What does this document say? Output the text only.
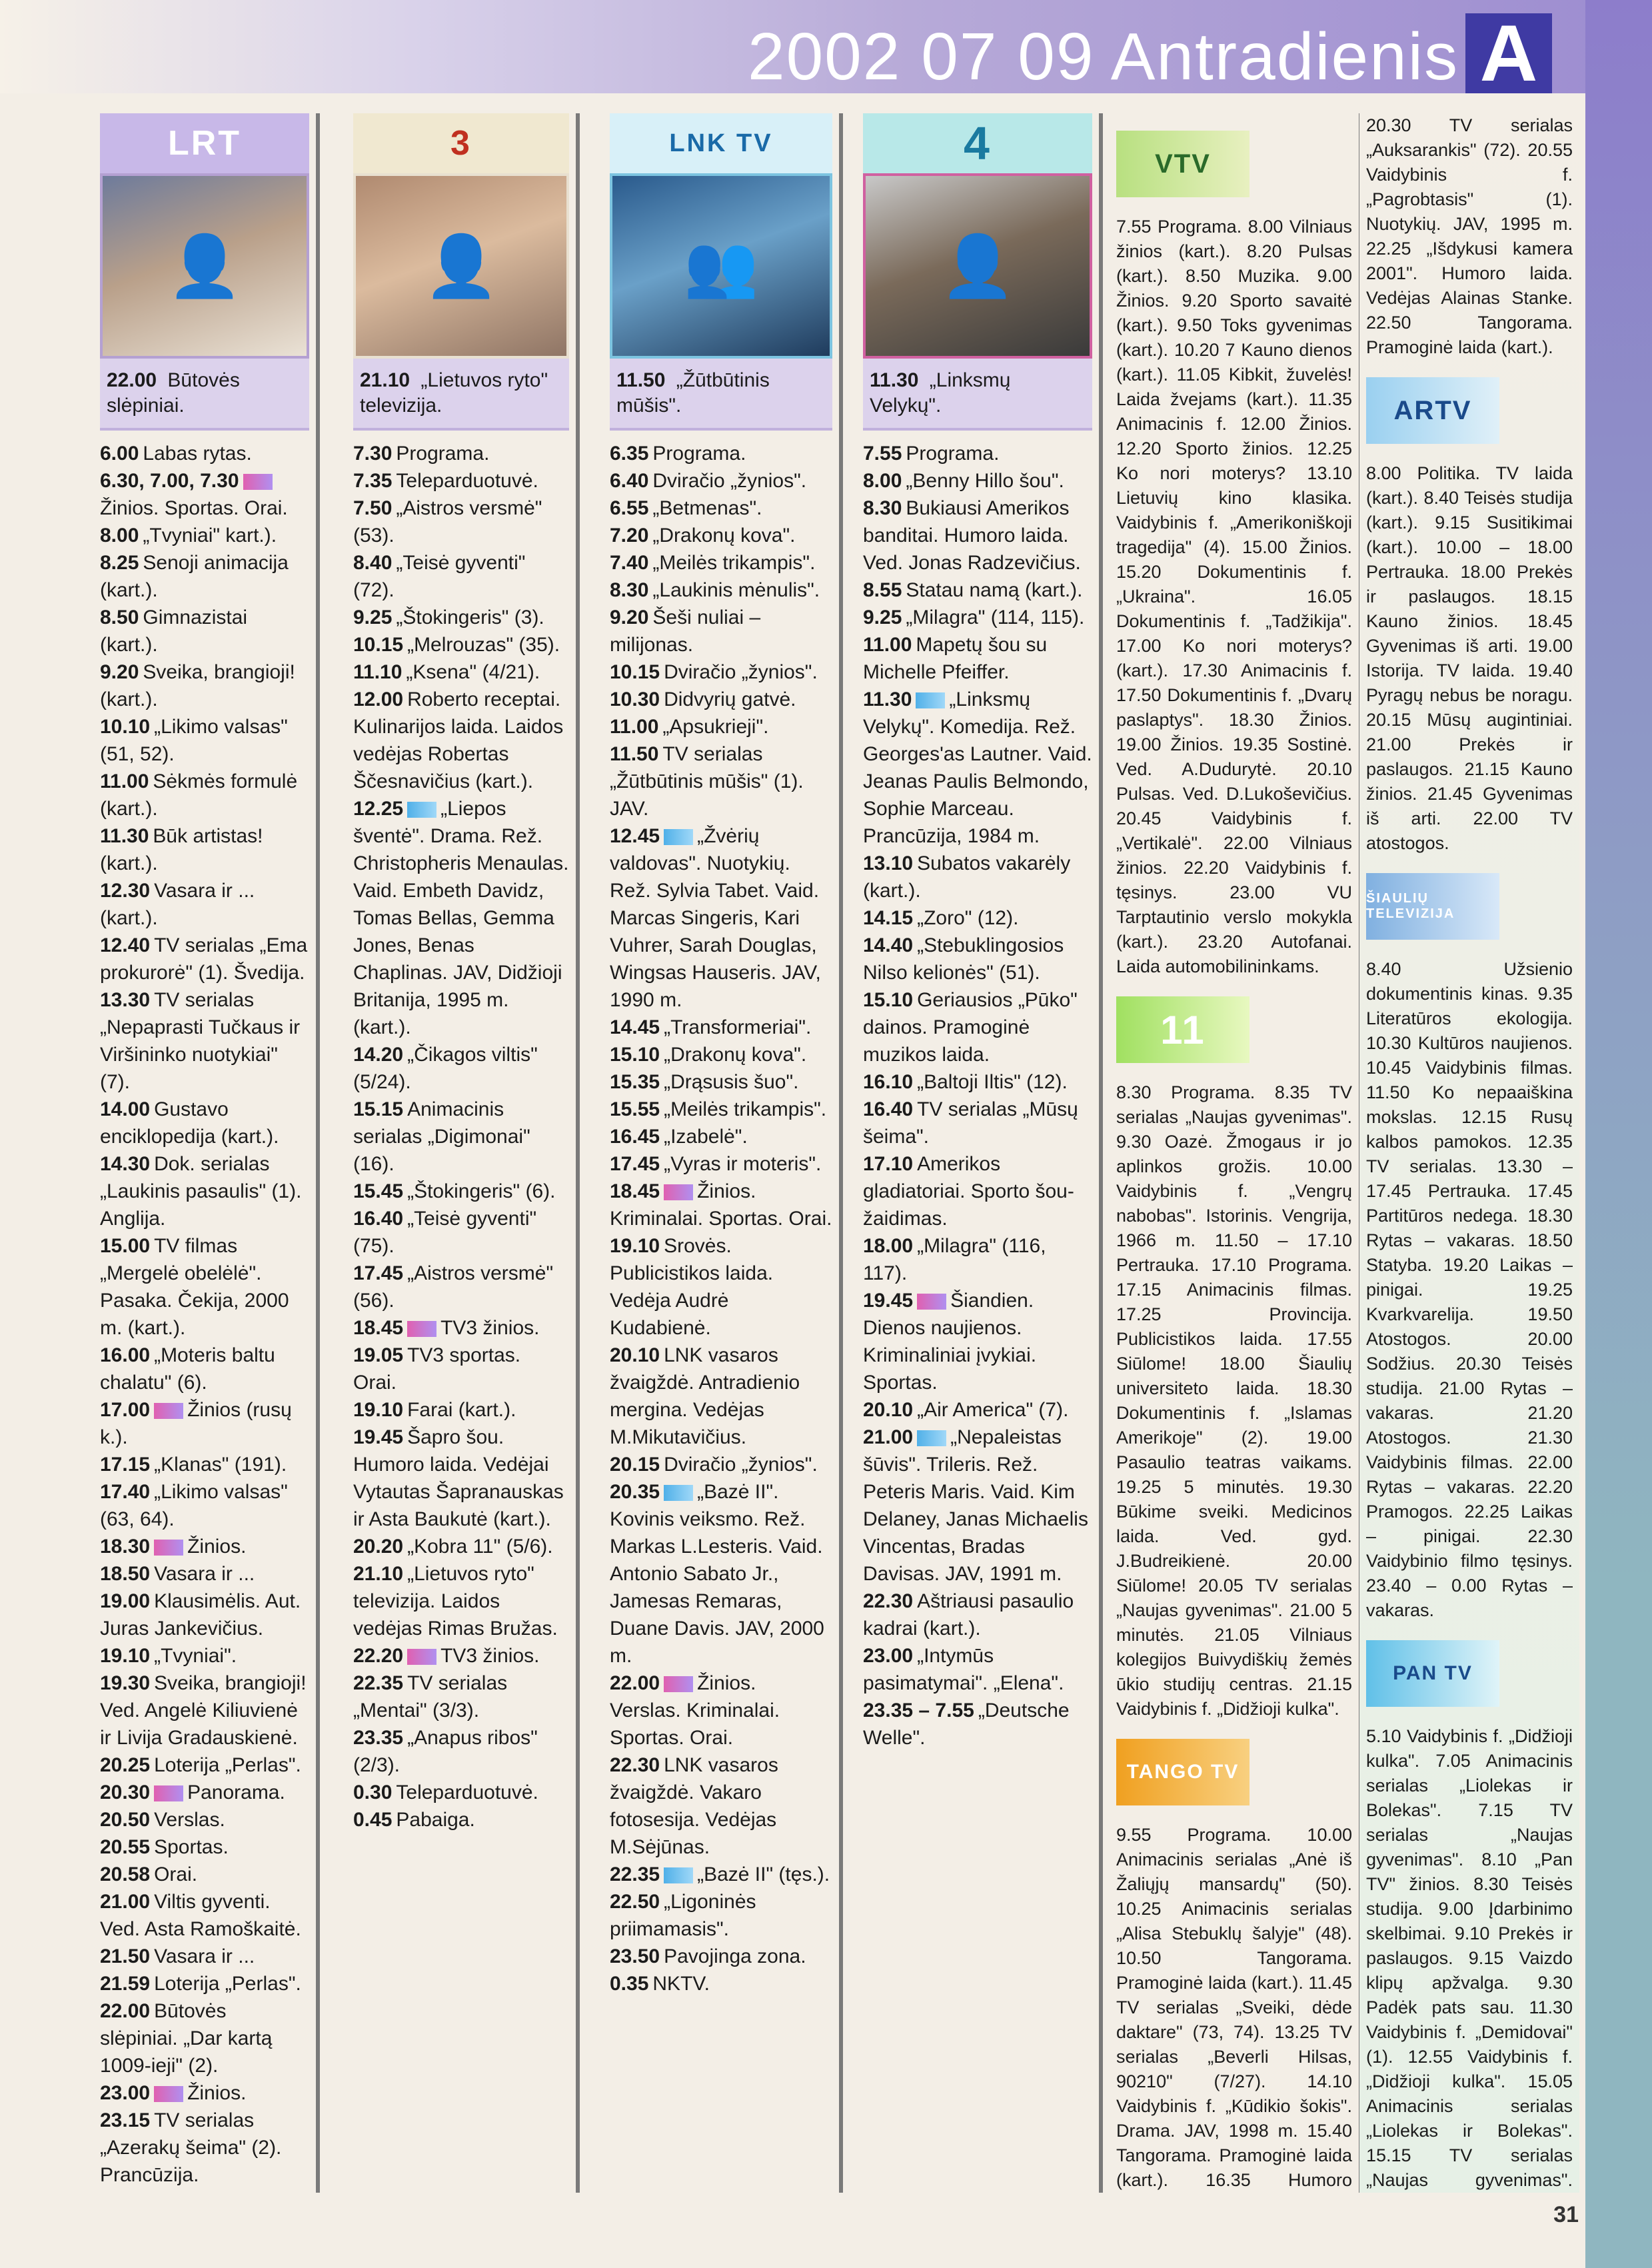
2002 07 09 Antradienis A
LRT
👤
22.00 Būtovės slėpiniai.
6.00 Labas rytas.
6.30, 7.00, 7.30Žinios. Sportas. Orai.
8.00 „Tvyniai" kart.).
8.25 Senoji animacija (kart.).
8.50 Gimnazistai (kart.).
9.20 Sveika, brangioji! (kart.).
10.10 „Likimo valsas" (51, 52).
11.00 Sėkmės formulė (kart.).
11.30 Būk artistas! (kart.).
12.30 Vasara ir ... (kart.).
12.40 TV serialas „Ema prokurorė" (1). Švedija.
13.30 TV serialas „Nepaprasti Tučkaus ir Viršininko nuotykiai" (7).
14.00 Gustavo enciklopedija (kart.).
14.30 Dok. serialas „Laukinis pasaulis" (1). Anglija.
15.00 TV filmas „Mergelė obelėlė". Pasaka. Čekija, 2000 m. (kart.).
16.00 „Moteris baltu chalatu" (6).
17.00 Žinios (rusų k.).
17.15 „Klanas" (191).
17.40 „Likimo valsas" (63, 64).
18.30 Žinios.
18.50 Vasara ir ...
19.00 Klausimėlis. Aut. Juras Jankevičius.
19.10 „Tvyniai".
19.30 Sveika, brangioji! Ved. Angelė Kiliuvienė ir Livija Gradauskienė.
20.25 Loterija „Perlas".
20.30 Panorama.
20.50 Verslas.
20.55 Sportas.
20.58 Orai.
21.00 Viltis gyventi. Ved. Asta Ramoškaitė.
21.50 Vasara ir ...
21.59 Loterija „Perlas".
22.00 Būtovės slėpiniai. „Dar kartą 1009-ieji" (2).
23.00 Žinios.
23.15 TV serialas „Azerakų šeima" (2). Prancūzija.
3
👤
21.10 „Lietuvos ryto" televizija.
7.30 Programa.
7.35 Teleparduotuvė.
7.50 „Aistros versmė" (53).
8.40 „Teisė gyventi" (72).
9.25 „Štokingeris" (3).
10.15 „Melrouzas" (35).
11.10 „Ksena" (4/21).
12.00 Roberto receptai. Kulinarijos laida. Laidos vedėjas Robertas Ščesnavičius (kart.).
12.25 „Liepos šventė". Drama. Rež. Christopheris Menaulas. Vaid. Embeth Davidz, Tomas Bellas, Gemma Jones, Benas Chaplinas. JAV, Didžioji Britanija, 1995 m. (kart.).
14.20 „Čikagos viltis" (5/24).
15.15 Animacinis serialas „Digimonai" (16).
15.45 „Štokingeris" (6).
16.40 „Teisė gyventi" (75).
17.45 „Aistros versmė" (56).
18.45 TV3 žinios.
19.05 TV3 sportas. Orai.
19.10 Farai (kart.).
19.45 Šapro šou. Humoro laida. Vedėjai Vytautas Šapranauskas ir Asta Baukutė (kart.).
20.20 „Kobra 11" (5/6).
21.10 „Lietuvos ryto" televizija. Laidos vedėjas Rimas Bružas.
22.20 TV3 žinios.
22.35 TV serialas „Mentai" (3/3).
23.35 „Anapus ribos" (2/3).
0.30 Teleparduotuvė.
0.45 Pabaiga.
LNK TV
👥
11.50 „Žūtbūtinis mūšis".
6.35 Programa.
6.40 Dviračio „žynios".
6.55 „Betmenas".
7.20 „Drakonų kova".
7.40 „Meilės trikampis".
8.30 „Laukinis mėnulis".
9.20 Šeši nuliai – milijonas.
10.15 Dviračio „žynios".
10.30 Didvyrių gatvė.
11.00 „Apsukrieji".
11.50 TV serialas „Žūtbūtinis mūšis" (1). JAV.
12.45 „Žvėrių valdovas". Nuotykių. Rež. Sylvia Tabet. Vaid. Marcas Singeris, Kari Vuhrer, Sarah Douglas, Wingsas Hauseris. JAV, 1990 m.
14.45 „Transformeriai".
15.10 „Drakonų kova".
15.35 „Drąsusis šuo".
15.55 „Meilės trikampis".
16.45 „Izabelė".
17.45 „Vyras ir moteris".
18.45 Žinios. Kriminalai. Sportas. Orai.
19.10 Srovės. Publicistikos laida. Vedėja Audrė Kudabienė.
20.10 LNK vasaros žvaigždė. Antradienio mergina. Vedėjas M.Mikutavičius.
20.15 Dviračio „žynios".
20.35 „Bazė II". Kovinis veiksmo. Rež. Markas L.Lesteris. Vaid. Antonio Sabato Jr., Jamesas Remaras, Duane Davis. JAV, 2000 m.
22.00 Žinios. Verslas. Kriminalai. Sportas. Orai.
22.30 LNK vasaros žvaigždė. Vakaro fotosesija. Vedėjas M.Sėjūnas.
22.35 „Bazė II" (tęs.).
22.50 „Ligoninės priimamasis".
23.50 Pavojinga zona.
0.35 NKTV.
4
👤
11.30 „Linksmų Velykų".
7.55 Programa.
8.00 „Benny Hillo šou".
8.30 Bukiausi Amerikos banditai. Humoro laida. Ved. Jonas Radzevičius.
8.55 Statau namą (kart.).
9.25 „Milagra" (114, 115).
11.00 Mapetų šou su Michelle Pfeiffer.
11.30 „Linksmų Velykų". Komedija. Rež. Georges'as Lautner. Vaid. Jeanas Paulis Belmondo, Sophie Marceau. Prancūzija, 1984 m.
13.10 Subatos vakarėly (kart.).
14.15 „Zoro" (12).
14.40 „Stebuklingosios Nilso kelionės" (51).
15.10 Geriausios „Pūko" dainos. Pramoginė muzikos laida.
16.10 „Baltoji Iltis" (12).
16.40 TV serialas „Mūsų šeima".
17.10 Amerikos gladiatoriai. Sporto šou-žaidimas.
18.00 „Milagra" (116, 117).
19.45 Šiandien. Dienos naujienos. Kriminaliniai įvykiai. Sportas.
20.10 „Air America" (7).
21.00 „Nepaleistas šūvis". Trileris. Rež. Peteris Maris. Vaid. Kim Delaney, Janas Michaelis Vincentas, Bradas Davisas. JAV, 1991 m.
22.30 Aštriausi pasaulio kadrai (kart.).
23.00 „Intymūs pasimatymai". „Elena".
23.35 – 7.55 „Deutsche Welle".
VTV
7.55 Programa. 8.00 Vilniaus žinios (kart.). 8.20 Pulsas (kart.). 8.50 Muzika. 9.00 Žinios. 9.20 Sporto savaitė (kart.). 9.50 Toks gyvenimas (kart.). 10.20 7 Kauno dienos (kart.). 11.05 Kibkit, žuvelės! Laida žvejams (kart.). 11.35 Animacinis f. 12.00 Žinios. 12.20 Sporto žinios. 12.25 Ko nori moterys? 13.10 Lietuvių kino klasika. Vaidybinis f. „Amerikoniškoji tragedija" (4). 15.00 Žinios. 15.20 Dokumentinis f. „Ukraina". 16.05 Dokumentinis f. „Tadžikija". 17.00 Ko nori moterys? (kart.). 17.30 Animacinis f. 17.50 Dokumentinis f. „Dvarų paslaptys". 18.30 Žinios. 19.00 Žinios. 19.35 Sostinė. Ved. A.Dudurytė. 20.10 Pulsas. Ved. D.Lukoševičius. 20.45 Vaidybinis f. „Vertikalė". 22.00 Vilniaus žinios. 22.20 Vaidybinis f. tęsinys. 23.00 VU Tarptautinio verslo mokykla (kart.). 23.20 Autofanai. Laida automobilininkams.
11
8.30 Programa. 8.35 TV serialas „Naujas gyvenimas". 9.30 Oazė. Žmogaus ir jo aplinkos grožis. 10.00 Vaidybinis f. „Vengrų nabobas". Istorinis. Vengrija, 1966 m. 11.50 – 17.10 Pertrauka. 17.10 Programa. 17.15 Animacinis filmas. 17.25 Provincija. Publicistikos laida. 17.55 Siūlome! 18.00 Šiaulių universiteto laida. 18.30 Dokumentinis f. „Islamas Amerikoje" (2). 19.00 Pasaulio teatras vaikams. 19.25 5 minutės. 19.30 Būkime sveiki. Medicinos laida. Ved. gyd. J.Budreikienė. 20.00 Siūlome! 20.05 TV serialas „Naujas gyvenimas". 21.00 5 minutės. 21.05 Vilniaus kolegijos Buivydiškių žemės ūkio studijų centras. 21.15 Vaidybinis f. „Didžioji kulka".
TANGO TV
9.55 Programa. 10.00 Animacinis serialas „Anė iš Žaliųjų mansardų" (50). 10.25 Animacinis serialas „Alisa Stebuklų šalyje" (48). 10.50 Tangorama. Pramoginė laida (kart.). 11.45 TV serialas „Sveiki, dėde daktare" (73, 74). 13.25 TV serialas „Beverli Hilsas, 90210" (7/27). 14.10 Vaidybinis f. „Kūdikio šokis". Drama. JAV, 1998 m. 15.40 Tangorama. Pramoginė laida (kart.). 16.35 Humoro
20.30 TV serialas „Auksarankis" (72). 20.55 Vaidybinis f. „Pagrobtasis" (1). Nuotykių. JAV, 1995 m. 22.25 „Išdykusi kamera 2001". Humoro laida. Vedėjas Alainas Stanke. 22.50 Tangorama. Pramoginė laida (kart.).
ARTV
8.00 Politika. TV laida (kart.). 8.40 Teisės studija (kart.). 9.15 Susitikimai (kart.). 10.00 – 18.00 Pertrauka. 18.00 Prekės ir paslaugos. 18.15 Kauno žinios. 18.45 Gyvenimas iš arti. 19.00 Istorija. TV laida. 19.40 Pyragų nebus be noragu. 20.15 Mūsų augintiniai. 21.00 Prekės ir paslaugos. 21.15 Kauno žinios. 21.45 Gyvenimas iš arti. 22.00 TV atostogos.
ŠIAULIŲ TELEVIZIJA
8.40 Užsienio dokumentinis kinas. 9.35 Literatūros ekologija. 10.30 Kultūros naujienos. 10.45 Vaidybinis filmas. 11.50 Ko nepaaiškina mokslas. 12.15 Rusų kalbos pamokos. 12.35 TV serialas. 13.30 – 17.45 Pertrauka. 17.45 Partitūros nedega. 18.30 Rytas – vakaras. 18.50 Statyba. 19.20 Laikas – pinigai. 19.25 Kvarkvarelija. 19.50 Atostogos. 20.00 Sodžius. 20.30 Teisės studija. 21.00 Rytas – vakaras. 21.20 Atostogos. 21.30 Vaidybinis filmas. 22.00 Rytas – vakaras. 22.20 Pramogos. 22.25 Laikas – pinigai. 22.30 Vaidybinio filmo tęsinys. 23.40 – 0.00 Rytas – vakaras.
PAN TV
5.10 Vaidybinis f. „Didžioji kulka". 7.05 Animacinis serialas „Liolekas ir Bolekas". 7.15 TV serialas „Naujas gyvenimas". 8.10 „Pan TV" žinios. 8.30 Teisės studija. 9.00 Įdarbinimo skelbimai. 9.10 Prekės ir paslaugos. 9.15 Vaizdo klipų apžvalga. 9.30 Padėk pats sau. 11.30 Vaidybinis f. „Demidovai" (1). 12.55 Vaidybinis f. „Didžioji kulka". 15.05 Animacinis serialas „Liolekas ir Bolekas". 15.15 TV serialas „Naujas gyvenimas".
31
